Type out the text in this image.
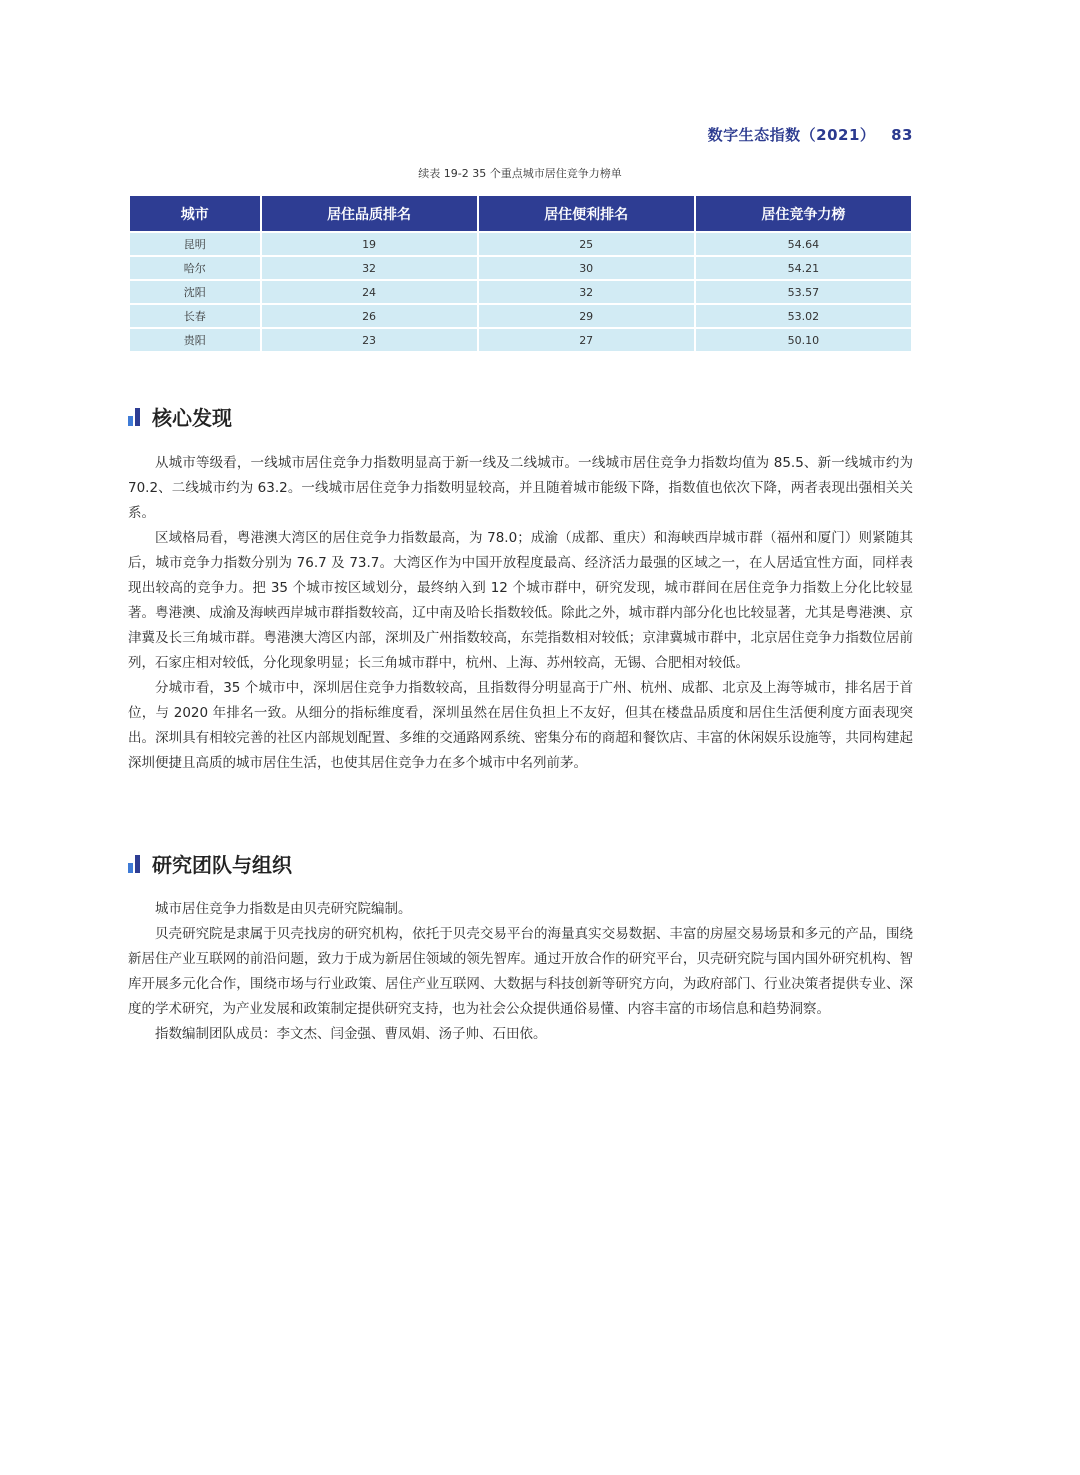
数字生态指数（2021） 83
续表 19-2 35 个重点城市居住竞争力榜单
城市	居住品质排名	居住便利排名	居住竞争力榜
昆明	19	25	54.64
哈尔	32	30	54.21
沈阳	24	32	53.57
长春	26	29	53.02
贵阳	23	27	50.10
核心发现

从城市等级看，一线城市居住竞争力指数明显高于新一线及二线城市。一线城市居住竞争力指数均值为 85.5、新一线城市约为 70.2、二线城市约为 63.2。一线城市居住竞争力指数明显较高，并且随着城市能级下降，指数值也依次下降，两者表现出强相关关系。

区域格局看，粤港澳大湾区的居住竞争力指数最高，为 78.0；成渝（成都、重庆）和海峡西岸城市群（福州和厦门）则紧随其后，城市竞争力指数分别为 76.7 及 73.7。大湾区作为中国开放程度最高、经济活力最强的区域之一，在人居适宜性方面，同样表现出较高的竞争力。把 35 个城市按区域划分，最终纳入到 12 个城市群中，研究发现，城市群间在居住竞争力指数上分化比较显著。粤港澳、成渝及海峡西岸城市群指数较高，辽中南及哈长指数较低。除此之外，城市群内部分化也比较显著，尤其是粤港澳、京津冀及长三角城市群。粤港澳大湾区内部，深圳及广州指数较高，东莞指数相对较低；京津冀城市群中，北京居住竞争力指数位居前列，石家庄相对较低，分化现象明显；长三角城市群中，杭州、上海、苏州较高，无锡、合肥相对较低。

分城市看，35 个城市中，深圳居住竞争力指数较高，且指数得分明显高于广州、杭州、成都、北京及上海等城市，排名居于首位，与 2020 年排名一致。从细分的指标维度看，深圳虽然在居住负担上不友好，但其在楼盘品质度和居住生活便利度方面表现突出。深圳具有相较完善的社区内部规划配置、多维的交通路网系统、密集分布的商超和餐饮店、丰富的休闲娱乐设施等，共同构建起深圳便捷且高质的城市居住生活，也使其居住竞争力在多个城市中名列前茅。

研究团队与组织

城市居住竞争力指数是由贝壳研究院编制。

贝壳研究院是隶属于贝壳找房的研究机构，依托于贝壳交易平台的海量真实交易数据、丰富的房屋交易场景和多元的产品，围绕新居住产业互联网的前沿问题，致力于成为新居住领域的领先智库。通过开放合作的研究平台，贝壳研究院与国内国外研究机构、智库开展多元化合作，围绕市场与行业政策、居住产业互联网、大数据与科技创新等研究方向，为政府部门、行业决策者提供专业、深度的学术研究，为产业发展和政策制定提供研究支持，也为社会公众提供通俗易懂、内容丰富的市场信息和趋势洞察。

指数编制团队成员：李文杰、闫金强、曹凤娟、汤子帅、石田依。
